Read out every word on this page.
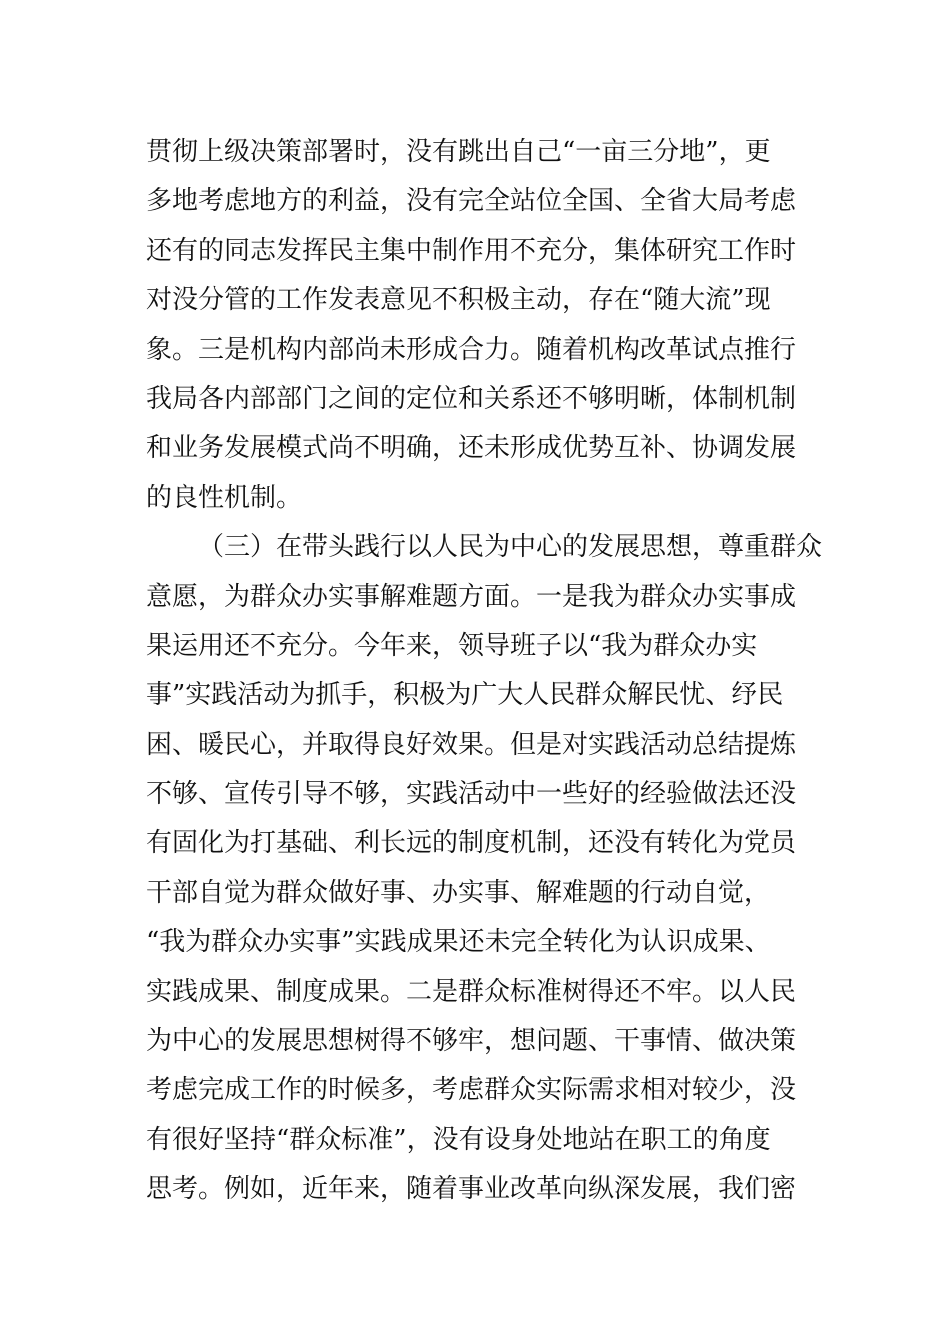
贯彻上级决策部署时，没有跳出自己“一亩三分地”，更
多地考虑地方的利益，没有完全站位全国、全省大局考虑
还有的同志发挥民主集中制作用不充分，集体研究工作时
对没分管的工作发表意见不积极主动，存在“随大流”现
象。三是机构内部尚未形成合力。随着机构改革试点推行
我局各内部部门之间的定位和关系还不够明晰，体制机制
和业务发展模式尚不明确，还未形成优势互补、协调发展
的良性机制。
（三）在带头践行以人民为中心的发展思想，尊重群众
意愿，为群众办实事解难题方面。一是我为群众办实事成
果运用还不充分。今年来，领导班子以“我为群众办实
事”实践活动为抓手，积极为广大人民群众解民忧、纾民
困、暖民心，并取得良好效果。但是对实践活动总结提炼
不够、宣传引导不够，实践活动中一些好的经验做法还没
有固化为打基础、利长远的制度机制，还没有转化为党员
干部自觉为群众做好事、办实事、解难题的行动自觉，
“我为群众办实事”实践成果还未完全转化为认识成果、
实践成果、制度成果。二是群众标准树得还不牢。以人民
为中心的发展思想树得不够牢，想问题、干事情、做决策
考虑完成工作的时候多，考虑群众实际需求相对较少，没
有很好坚持“群众标准”，没有设身处地站在职工的角度
思考。例如，近年来，随着事业改革向纵深发展，我们密
